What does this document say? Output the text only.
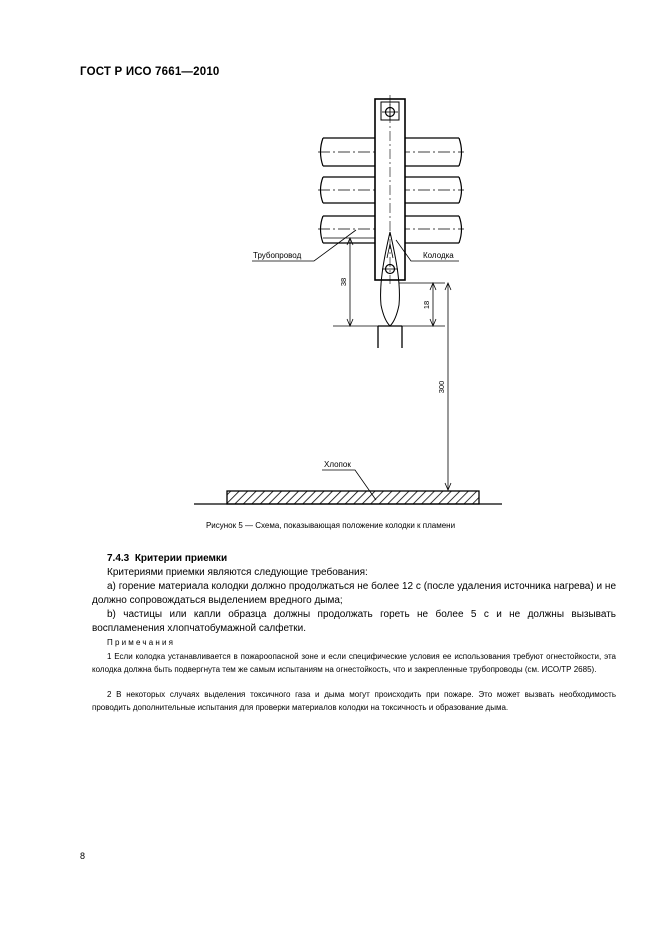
ГОСТ Р ИСО 7661—2010
38
18
300
Трубопровод	Колодка
Хлопок
Рисунок 5 — Схема, показывающая положение колодки к пламени
7.4.3 Критерии приемки
Критериями приемки являются следующие требования:
а) горение материала колодки должно продолжаться не более 12 с (после удаления источника нагрева) и не должно сопровождаться выделением вредного дыма;
b) частицы или капли образца должны продолжать гореть не более 5 с и не должны вызывать воспламенения хлопчатобумажной салфетки.
Примечания
1 Если колодка устанавливается в пожароопасной зоне и если специфические условия ее использования требуют огнестойкости, эта колодка должна быть подвергнута тем же самым испытаниям на огнестойкость, что и закрепленные трубопроводы (см. ИСО/ТР 2685).
2 В некоторых случаях выделения токсичного газа и дыма могут происходить при пожаре. Это может вызвать необходимость проводить дополнительные испытания для проверки материалов колодки на токсичность и образование дыма.
8
